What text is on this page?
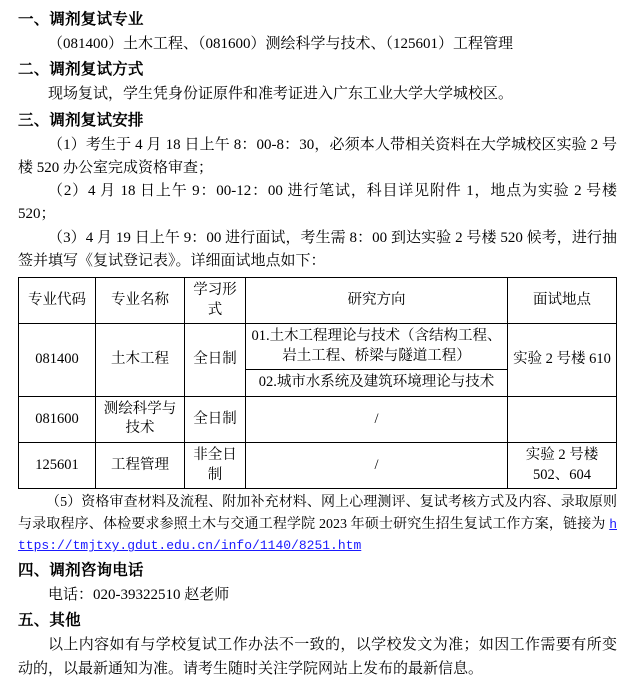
一、调剂复试专业

（081400）土木工程、（081600）测绘科学与技术、（125601）工程管理

二、调剂复试方式

现场复试，学生凭身份证原件和准考证进入广东工业大学大学城校区。

三、调剂复试安排

（1）考生于 4 月 18 日上午 8：00-8：30，必须本人带相关资料在大学城校区实验 2 号楼 520 办公室完成资格审查；

（2）4 月 18 日上午 9：00-12：00 进行笔试，科目详见附件 1，地点为实验 2 号楼 520；

（3）4 月 19 日上午 9：00 进行面试，考生需 8：00 到达实验 2 号楼 520 候考，进行抽签并填写《复试登记表》。详细面试地点如下：

专业代码	专业名称	学习形式	研究方向	面试地点
081400	土木工程	全日制	01.土木工程理论与技术（含结构工程、岩土工程、桥梁与隧道工程）	实验 2 号楼 610
			02.城市水系统及建筑环境理论与技术	
081600	测绘科学与技术	全日制	/	
125601	工程管理	非全日制	/	实验 2 号楼 502、604

（5）资格审查材料及流程、附加补充材料、网上心理测评、复试考核方式及内容、录取原则与录取程序、体检要求参照土木与交通工程学院 2023 年硕士研究生招生复试工作方案，链接为 https://tmjtxy.gdut.edu.cn/info/1140/8251.htm

四、调剂咨询电话

电话：020-39322510 赵老师

五、其他

以上内容如有与学校复试工作办法不一致的，以学校发文为准；如因工作需要有所变动的，以最新通知为准。请考生随时关注学院网站上发布的最新信息。
